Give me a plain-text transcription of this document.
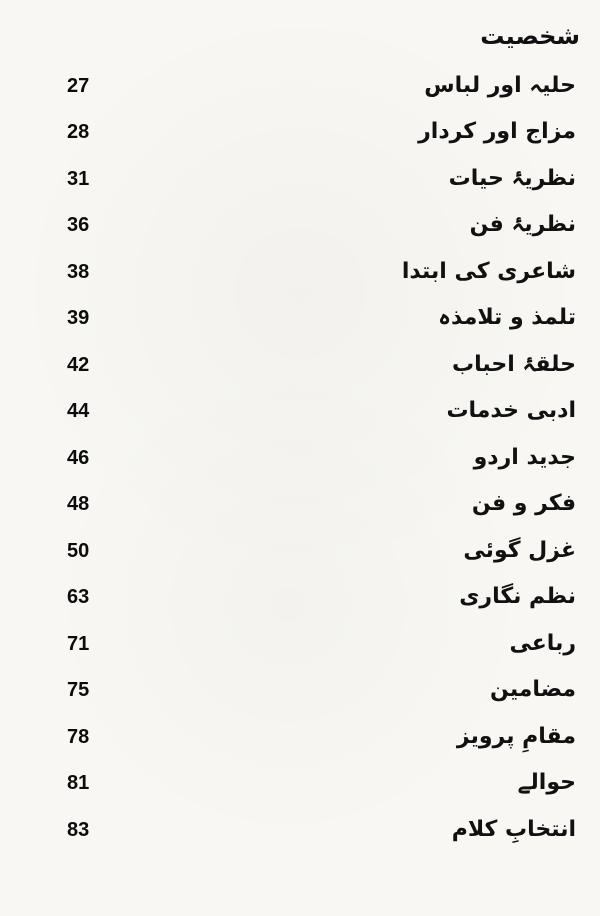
شخصیت
27	حلیہ اور لباس
28	مزاج اور کردار
31	نظریۂ حیات
36	نظریۂ فن
38	شاعری کی ابتدا
39	تلمذ و تلامذہ
42	حلقۂ احباب
44	ادبی خدمات
46	جدید اردو
48	فکر و فن
50	غزل گوئی
63	نظم نگاری
71	رباعی
75	مضامین
78	مقامِ پرویز
81	حوالے
83	انتخابِ کلام
